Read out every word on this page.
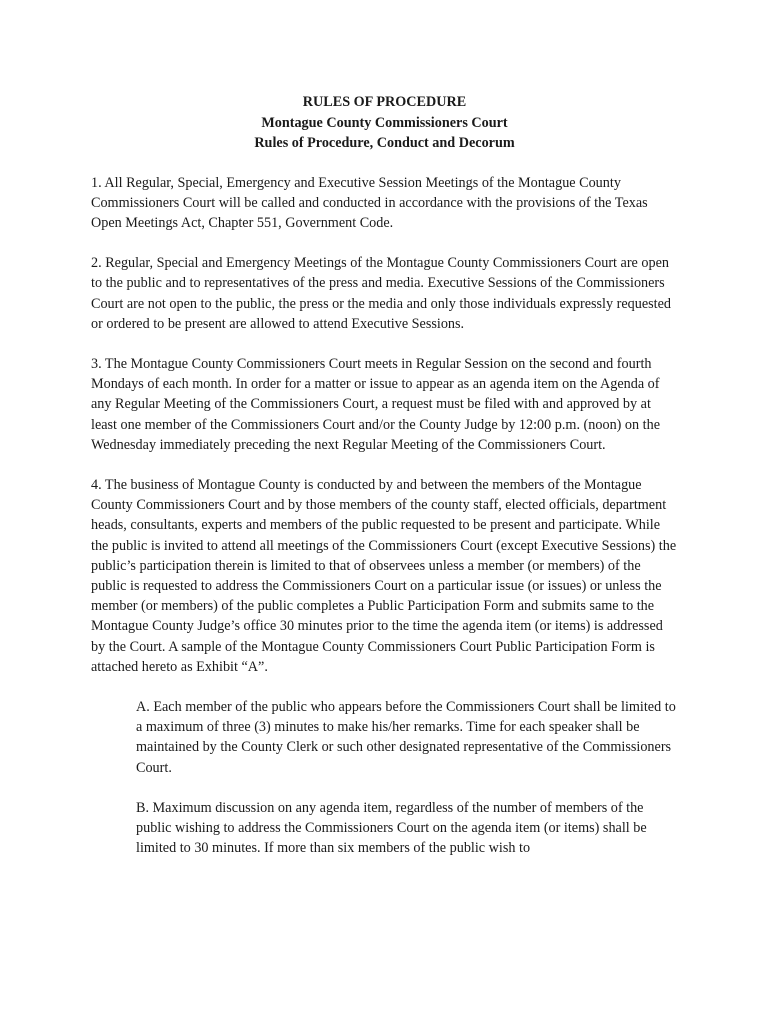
RULES OF PROCEDURE
Montague County Commissioners Court
Rules of Procedure, Conduct and Decorum

1. All Regular, Special, Emergency and Executive Session Meetings of the Montague County Commissioners Court will be called and conducted in accordance with the provisions of the Texas Open Meetings Act, Chapter 551, Government Code.

2. Regular, Special and Emergency Meetings of the Montague County Commissioners Court are open to the public and to representatives of the press and media. Executive Sessions of the Commissioners Court are not open to the public, the press or the media and only those individuals expressly requested or ordered to be present are allowed to attend Executive Sessions.

3. The Montague County Commissioners Court meets in Regular Session on the second and fourth Mondays of each month. In order for a matter or issue to appear as an agenda item on the Agenda of any Regular Meeting of the Commissioners Court, a request must be filed with and approved by at least one member of the Commissioners Court and/or the County Judge by 12:00 p.m. (noon) on the Wednesday immediately preceding the next Regular Meeting of the Commissioners Court.

4. The business of Montague County is conducted by and between the members of the Montague County Commissioners Court and by those members of the county staff, elected officials, department heads, consultants, experts and members of the public requested to be present and participate. While the public is invited to attend all meetings of the Commissioners Court (except Executive Sessions) the public’s participation therein is limited to that of observees unless a member (or members) of the public is requested to address the Commissioners Court on a particular issue (or issues) or unless the member (or members) of the public completes a Public Participation Form and submits same to the Montague County Judge’s office 30 minutes prior to the time the agenda item (or items) is addressed by the Court. A sample of the Montague County Commissioners Court Public Participation Form is attached hereto as Exhibit “A”.

A. Each member of the public who appears before the Commissioners Court shall be limited to a maximum of three (3) minutes to make his/her remarks. Time for each speaker shall be maintained by the County Clerk or such other designated representative of the Commissioners Court.

B. Maximum discussion on any agenda item, regardless of the number of members of the public wishing to address the Commissioners Court on the agenda item (or items) shall be limited to 30 minutes. If more than six members of the public wish to
